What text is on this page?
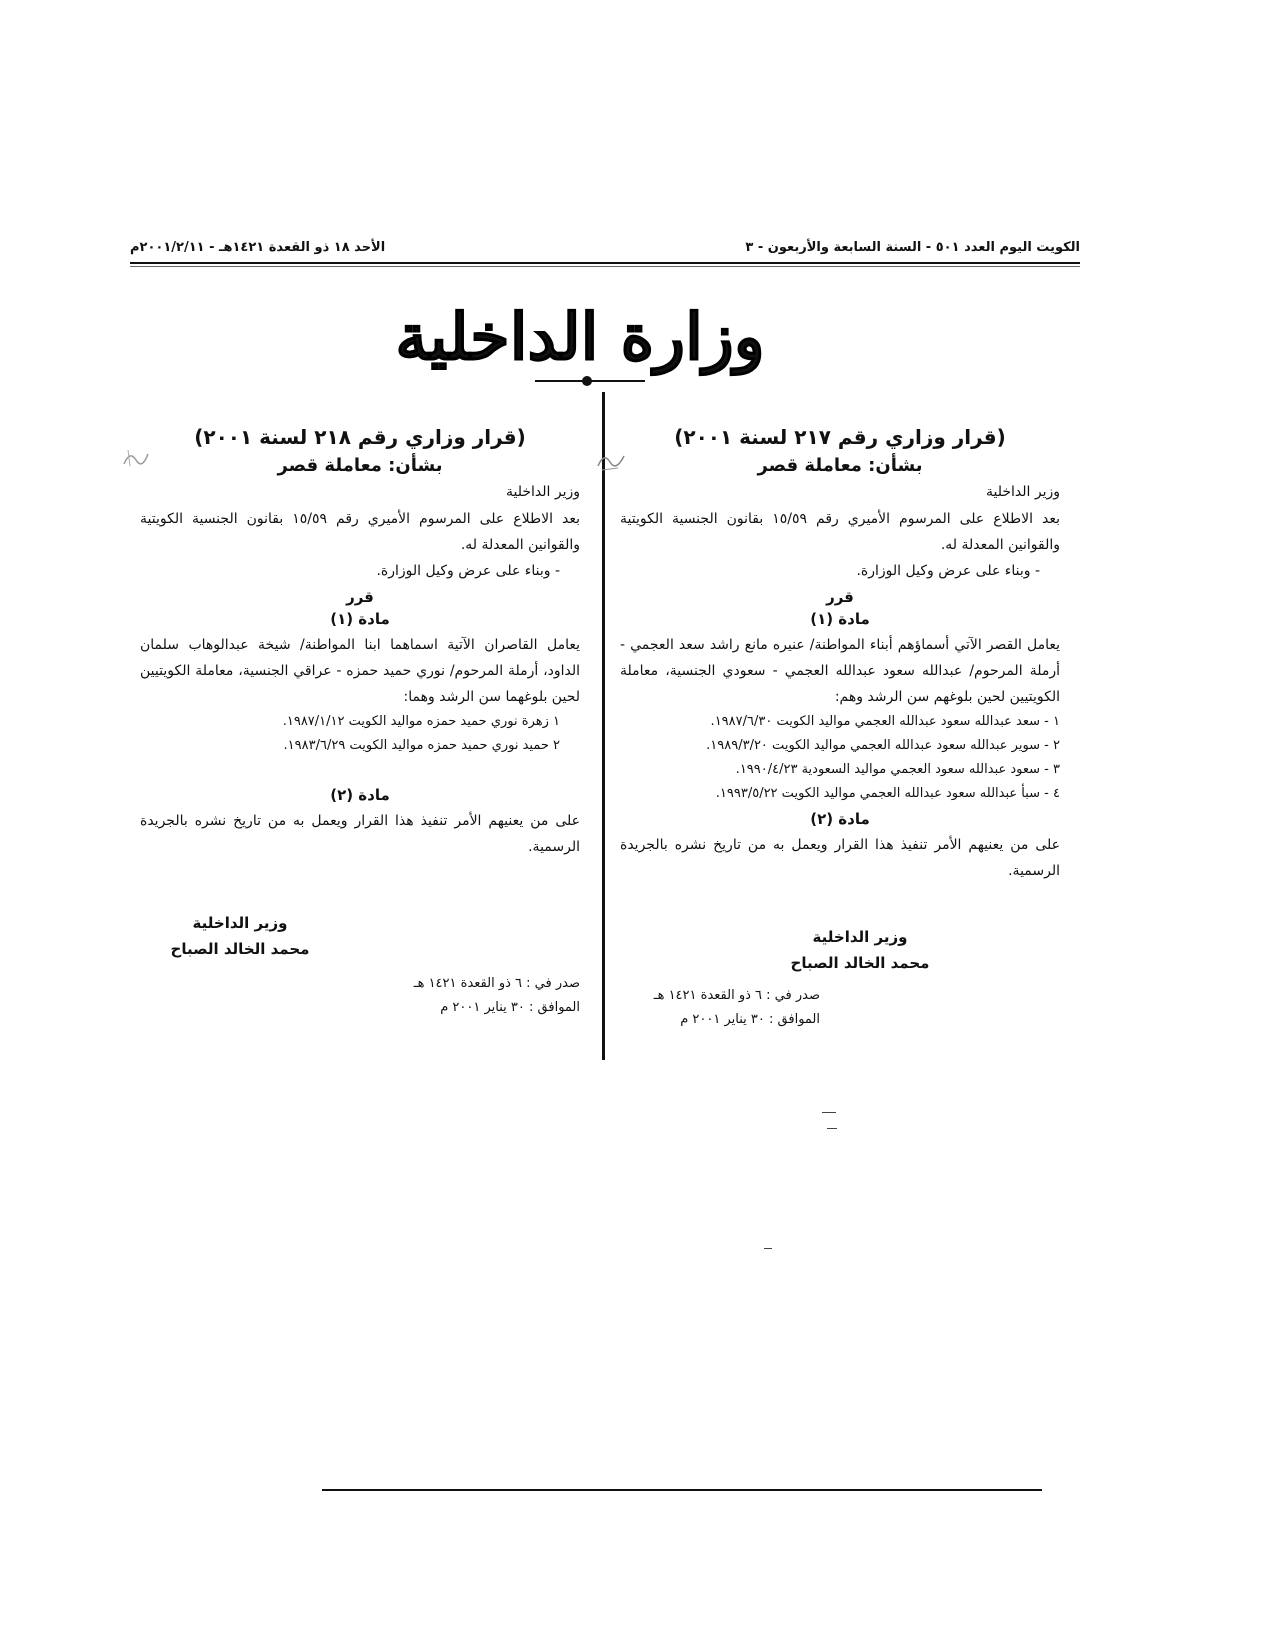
الكويت اليوم العدد ٥٠١ - السنة السابعة والأربعون - ٣
الأحد ١٨ ذو القعدة ١٤٢١هـ - ٢٠٠١/٢/١١م
وزارة الداخلية

(قرار وزاري رقم ٢١٧ لسنة ٢٠٠١)

بشأن: معاملة قصر

وزير الداخلية

بعد الاطلاع على المرسوم الأميري رقم ١٥/٥٩ بقانون الجنسية الكويتية والقوانين المعدلة له.

- وبناء على عرض وكيل الوزارة.

قرر

مادة (١)

يعامل القصر الآتي أسماؤهم أبناء المواطنة/ عنيره مانع راشد سعد العجمي - أرملة المرحوم/ عبدالله سعود عبدالله العجمي - سعودي الجنسية، معاملة الكويتيين لحين بلوغهم سن الرشد وهم:

١ - سعد عبدالله سعود عبدالله العجمي مواليد الكويت ١٩٨٧/٦/٣٠.

٢ - سوير عبدالله سعود عبدالله العجمي مواليد الكويت ١٩٨٩/٣/٢٠.

٣ - سعود عبدالله سعود العجمي مواليد السعودية ١٩٩٠/٤/٢٣.

٤ - سبأ عبدالله سعود عبدالله العجمي مواليد الكويت ١٩٩٣/٥/٢٢.

مادة (٢)

على من يعنيهم الأمر تنفيذ هذا القرار ويعمل به من تاريخ نشره بالجريدة الرسمية.

وزير الداخلية

محمد الخالد الصباح

صدر في : ٦ ذو القعدة ١٤٢١ هـ

الموافق : ٣٠ يناير ٢٠٠١ م

(قرار وزاري رقم ٢١٨ لسنة ٢٠٠١)

بشأن: معاملة قصر

وزير الداخلية

بعد الاطلاع على المرسوم الأميري رقم ١٥/٥٩ بقانون الجنسية الكويتية والقوانين المعدلة له.

- وبناء على عرض وكيل الوزارة.

قرر

مادة (١)

يعامل القاصران الآتية اسماهما ابنا المواطنة/ شيخة عبدالوهاب سلمان الداود، أرملة المرحوم/ نوري حميد حمزه - عراقي الجنسية، معاملة الكويتيين لحين بلوغهما سن الرشد وهما:

١ زهرة نوري حميد حمزه مواليد الكويت ١٩٨٧/١/١٢.

٢ حميد نوري حميد حمزه مواليد الكويت ١٩٨٣/٦/٢٩.

مادة (٢)

على من يعنيهم الأمر تنفيذ هذا القرار ويعمل به من تاريخ نشره بالجريدة الرسمية.

وزير الداخلية

محمد الخالد الصباح

صدر في : ٦ ذو القعدة ١٤٢١ هـ

الموافق : ٣٠ يناير ٢٠٠١ م
